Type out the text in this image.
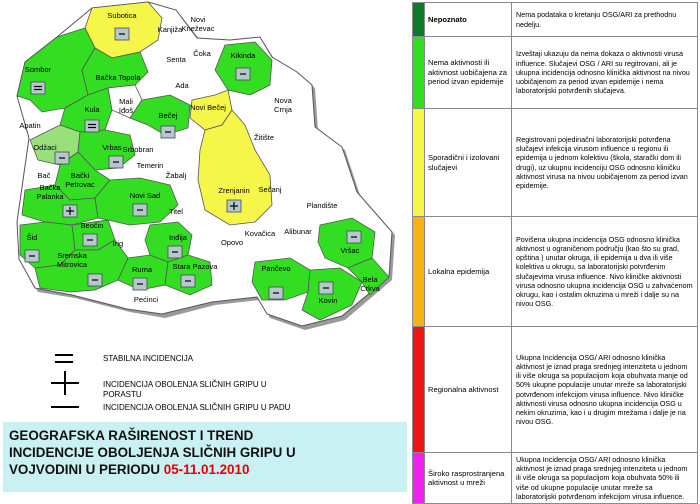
Subotica
Sombor
Kula
Bačka Topola
Kikinda
Novi Bečej
Bečej
Odžaci	Vrbas
Bački
Petrovac
Bačka
Palanka	Novi Sad
Zrenjanin
Šid
Beočin
Sremska
Mitrovica
Ruma
Inđija
Stara Pazova	Pančevo
Vršac
Kovin
Bela
Crkva
Kanjiža
Novi
Kneževac
Senta
Čoka
Ada
Nova
Crnja
Mali
Iđoš
Apatin
Srbobran
Žitište
Bač
Temerin
Žabalj
Sečanj
Titel
Plandište
Irig
Kovačica Alibunar
Opovo
Pećinci
STABILNA INCIDENCIJA
INCIDENCIJA OBOLENJA SLIČNIH GRIPU U
PORASTU
INCIDENCIJA OBOLENJA SLIČNIH GRIPU U PADU
GEOGRAFSKA RAŠIRENOST I TREND
INCIDENCIJE OBOLJENJA SLIČNIH GRIPU U
VOJVODINI U PERIODU 05-11.01.2010
	Nepoznato	Nema podataka o kretanju OSG/ARI za prethodnu nedelju.
	Nema aktivnosti ili aktivnost uobičajena za period izvan epidemije	Izveštaji ukazuju da nema dokaza o aktivnosti virusa influence. Slučajevi OSG / ARI su regitrovani, ali je ukupna incidencija odnosno klinička aktivnost na nivou uobičajenom za period izvan epidemije i nema laboratorijski potvrđenih slučajeva.
	Sporadični i izolovani slučajevi	Registrovani pojedinačni laboratorijski potvrđena slučajevi infekcija virusom influence u regionu ili epidemija u jednom kolektivu (škola, starački dom ili drugi), uz ukupnu incidenciju OSG odnosno kliničku aktivnost virusa na nivou uobičajenom za period izvan epidemije.
	Lokalna epidemija	Povišena ukupna incidencija OSG odnosno klinička aktivnost u ograničenom području (kao što su grad, opština ) unutar okruga, ili epidemija u dva ili više kolektiva u okrugu, sa laboratorijski potvrđenim slučajevima virusa influence. Nivo kliničke aktivnosti virusa odnosno ukupna incidencija OSG u zahvaćenom okrugu, kao i ostalim okruzima u mreži i dalje su na nivou OSG.
	Regionalna aktivnost	Ukupna Incidencija OSG/ ARI odnosno klinička aktivnost je iznad praga srednjeg intenziteta u jednom ili više okruga sa populacijom koja obuhvata manje od 50% ukupne populacije unutar mreže sa laboratorijski potvrđenom infekcijom virusa influence. Nivo kliničke aktivnosti virusa odnosno ukupna incidencija OSG u nekim okruzima, kao i u drugim mrežama i dalje je na nivou OSG.
	Široko rasprostranjena aktivnost u mreži	Ukupna Incidencija OSG/ ARI odnosno klinička aktivnost je iznad praga srednjeg intenziteta u jednom ili više okruga sa populacijom koja obuhvata 50% ili više od ukupne populacije unutar mreže sa laboratorijski potvrđenom infekcijom virusa influence.
